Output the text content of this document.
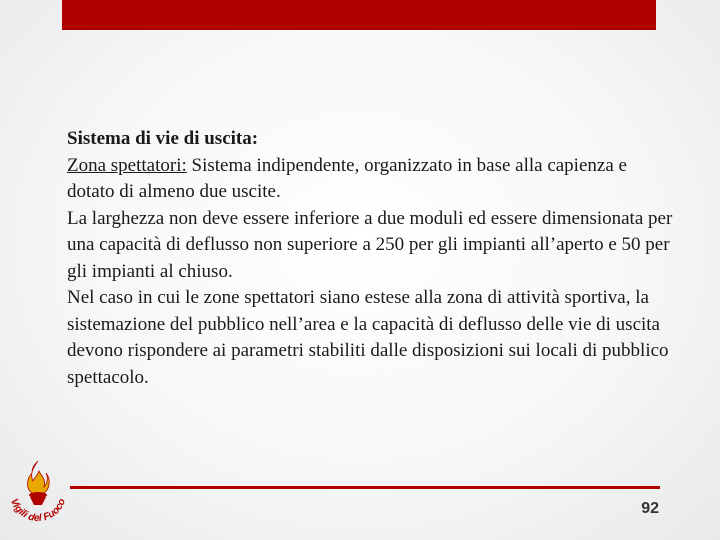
Sistema di vie di uscita:

Zona spettatori: Sistema indipendente, organizzato in base alla capienza e dotato di almeno due uscite.

La larghezza non deve essere inferiore a due moduli ed essere dimensionata per una capacità di deflusso non superiore a 250 per gli impianti all’aperto e 50 per gli impianti al chiuso.

Nel caso in cui le zone spettatori siano estese alla zona di attività sportiva, la sistemazione del pubblico nell’area e la capacità di deflusso delle vie di uscita devono rispondere ai parametri stabiliti dalle disposizioni sui locali di pubblico spettacolo.

Vigili del Fuoco	92
